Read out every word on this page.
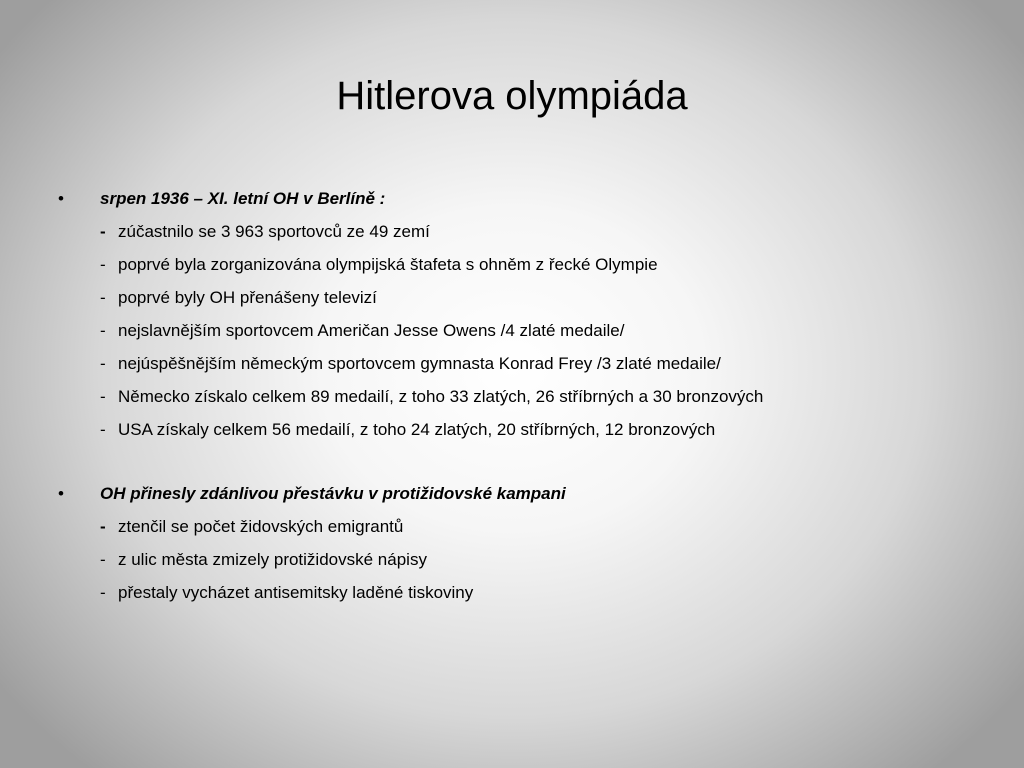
Hitlerova olympiáda
• srpen 1936 – XI. letní OH v Berlíně :
- zúčastnilo se 3 963 sportovců ze 49 zemí
- poprvé byla zorganizována olympijská štafeta s ohněm z řecké Olympie
- poprvé byly OH přenášeny televizí
- nejslavnějším sportovcem Američan Jesse Owens /4 zlaté medaile/
- nejúspěšnějším německým sportovcem gymnasta Konrad Frey /3 zlaté medaile/
- Německo získalo celkem 89 medailí, z toho 33 zlatých, 26 stříbrných a 30 bronzových
- USA získaly celkem 56 medailí, z toho 24 zlatých, 20 stříbrných, 12 bronzových
• OH přinesly zdánlivou přestávku v protižidovské kampani
- ztenčil se počet židovských emigrantů
- z ulic města zmizely protižidovské nápisy
- přestaly vycházet antisemitsky laděné tiskoviny
